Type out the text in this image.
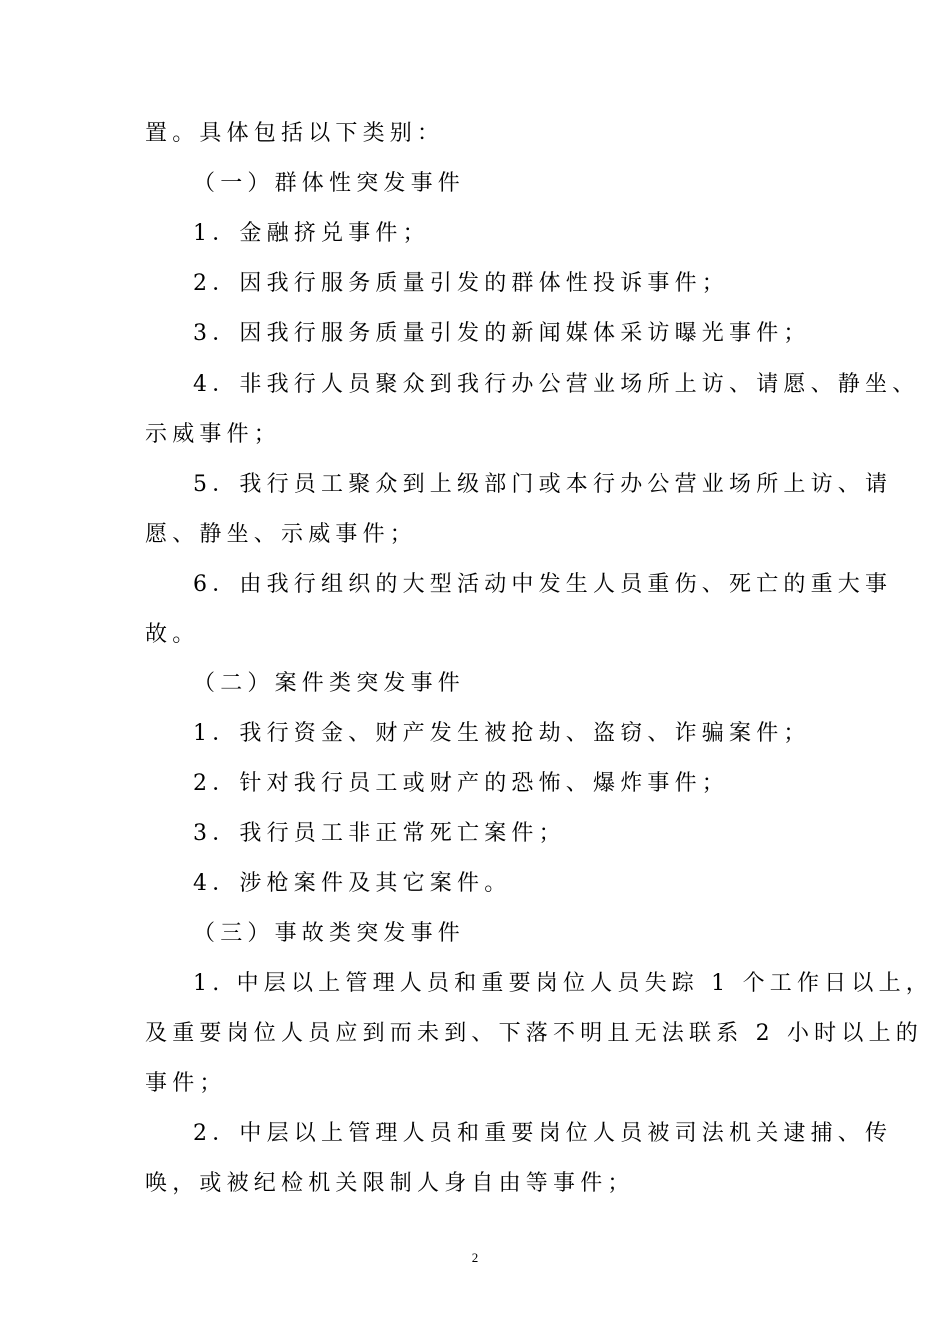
置。具体包括以下类别：
（一）群体性突发事件
1．金融挤兑事件；
2．因我行服务质量引发的群体性投诉事件；
3．因我行服务质量引发的新闻媒体采访曝光事件；
4．非我行人员聚众到我行办公营业场所上访、请愿、静坐、
示威事件；
5．我行员工聚众到上级部门或本行办公营业场所上访、请
愿、静坐、示威事件；
6．由我行组织的大型活动中发生人员重伤、死亡的重大事
故。
（二）案件类突发事件
1．我行资金、财产发生被抢劫、盗窃、诈骗案件；
2．针对我行员工或财产的恐怖、爆炸事件；
3．我行员工非正常死亡案件；
4．涉枪案件及其它案件。
（三）事故类突发事件
1. 中层以上管理人员和重要岗位人员失踪 1 个工作日以上，
及重要岗位人员应到而未到、下落不明且无法联系 2 小时以上的
事件；
2．中层以上管理人员和重要岗位人员被司法机关逮捕、传
唤，或被纪检机关限制人身自由等事件；
2
